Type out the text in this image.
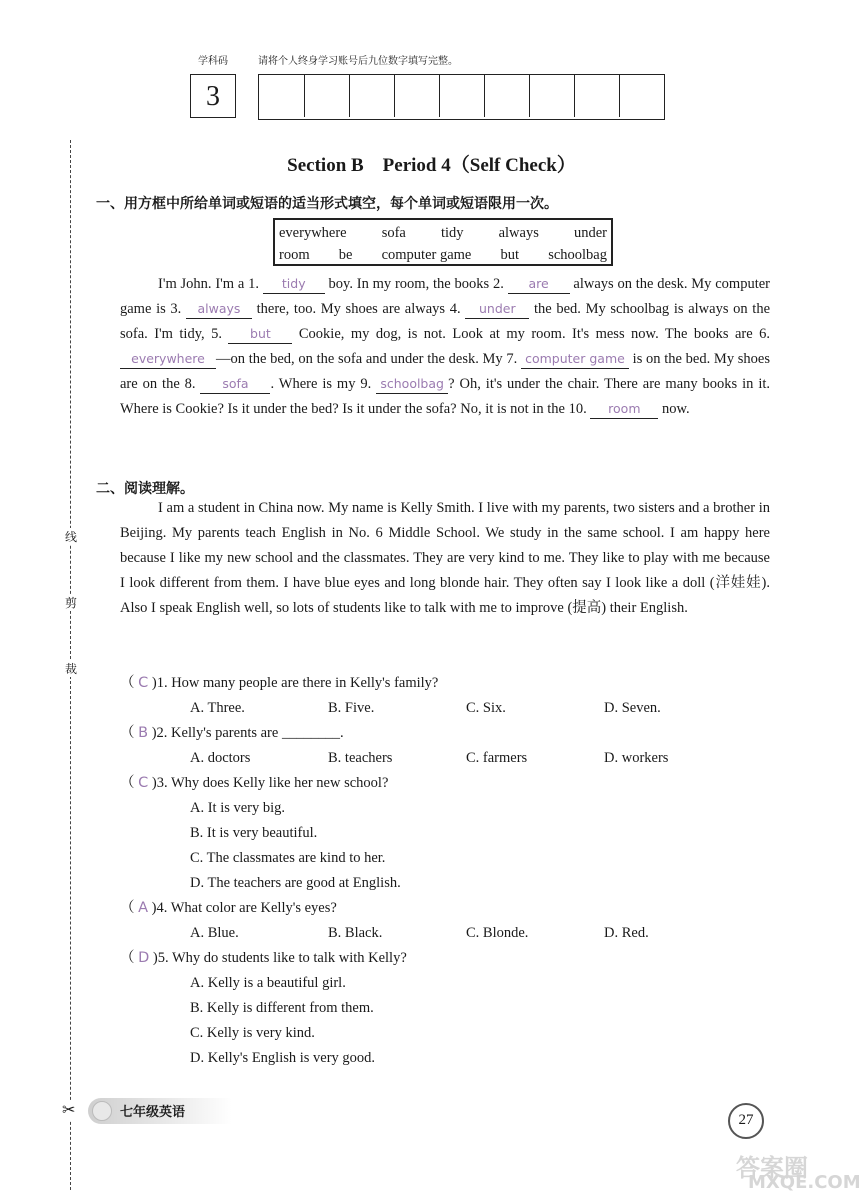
线
剪
裁
✂
学科码	请将个人终身学习账号后九位数字填写完整。
3
Section B　Period 4（Self Check）
一、用方框中所给单词或短语的适当形式填空，每个单词或短语限用一次。
everywhere sofa tidy always under
room be computer game but schoolbag
I'm John. I'm a 1. tidy boy. In my room, the books 2. are always on the desk. My computer game is 3. always there, too. My shoes are always 4. under the bed. My schoolbag is always on the sofa. I'm tidy, 5. but Cookie, my dog, is not. Look at my room. It's mess now. The books are 6. everywhere —on the bed, on the sofa and under the desk. My 7. computer game is on the bed. My shoes are on the 8. sofa . Where is my 9. schoolbag ? Oh, it's under the chair. There are many books in it. Where is Cookie? Is it under the bed? Is it under the sofa? No, it is not in the 10. room now.
二、阅读理解。
I am a student in China now. My name is Kelly Smith. I live with my parents, two sisters and a brother in Beijing. My parents teach English in No. 6 Middle School. We study in the same school. I am happy here because I like my new school and the classmates. They are very kind to me. They like to play with me because I look different from them. I have blue eyes and long blonde hair. They often say I look like a doll (洋娃娃). Also I speak English well, so lots of students like to talk with me to improve (提高) their English.
（ C )1. How many people are there in Kelly's family?
A. Three.	B. Five.	C. Six.	D. Seven.
（ B )2. Kelly's parents are ________.
A. doctors	B. teachers	C. farmers	D. workers
（ C )3. Why does Kelly like her new school?
A. It is very big.
B. It is very beautiful.
C. The classmates are kind to her.
D. The teachers are good at English.
（ A )4. What color are Kelly's eyes?
A. Blue.	B. Black.	C. Blonde.	D. Red.
（ D )5. Why do students like to talk with Kelly?
A. Kelly is a beautiful girl.
B. Kelly is different from them.
C. Kelly is very kind.
D. Kelly's English is very good.
七年级英语	27
答案圈
MXQE.COM
